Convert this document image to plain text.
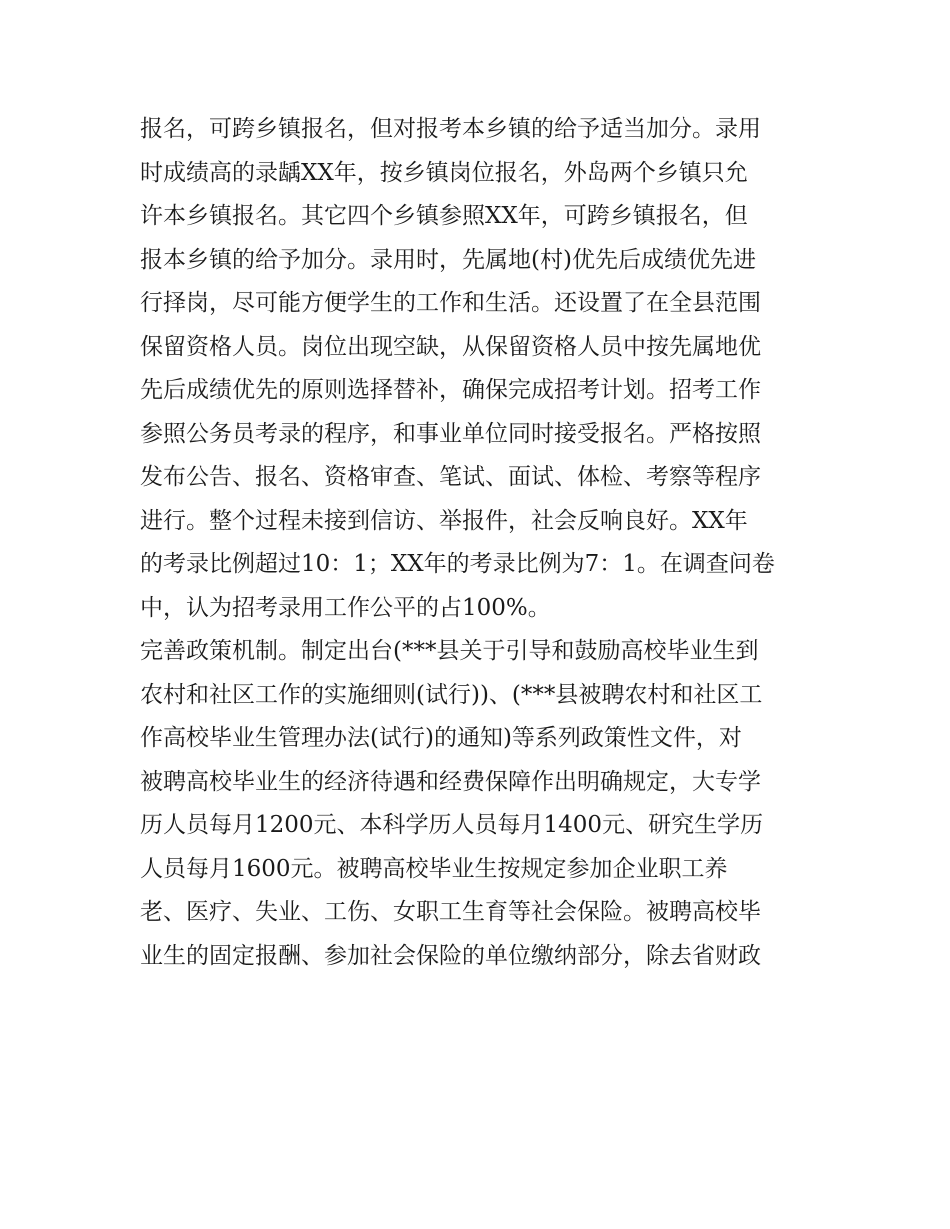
报名，可跨乡镇报名，但对报考本乡镇的给予适当加分。录用
时成绩高的录龋XX年，按乡镇岗位报名，外岛两个乡镇只允
许本乡镇报名。其它四个乡镇参照XX年，可跨乡镇报名，但
报本乡镇的给予加分。录用时，先属地(村)优先后成绩优先进
行择岗，尽可能方便学生的工作和生活。还设置了在全县范围
保留资格人员。岗位出现空缺，从保留资格人员中按先属地优
先后成绩优先的原则选择替补，确保完成招考计划。招考工作
参照公务员考录的程序，和事业单位同时接受报名。严格按照
发布公告、报名、资格审查、笔试、面试、体检、考察等程序
进行。整个过程未接到信访、举报件，社会反响良好。XX年
的考录比例超过10：1；XX年的考录比例为7：1。在调查问卷
中，认为招考录用工作公平的占100%。
完善政策机制。制定出台(***县关于引导和鼓励高校毕业生到
农村和社区工作的实施细则(试行))、(***县被聘农村和社区工
作高校毕业生管理办法(试行)的通知)等系列政策性文件，对
被聘高校毕业生的经济待遇和经费保障作出明确规定，大专学
历人员每月1200元、本科学历人员每月1400元、研究生学历
人员每月1600元。被聘高校毕业生按规定参加企业职工养
老、医疗、失业、工伤、女职工生育等社会保险。被聘高校毕
业生的固定报酬、参加社会保险的单位缴纳部分，除去省财政
